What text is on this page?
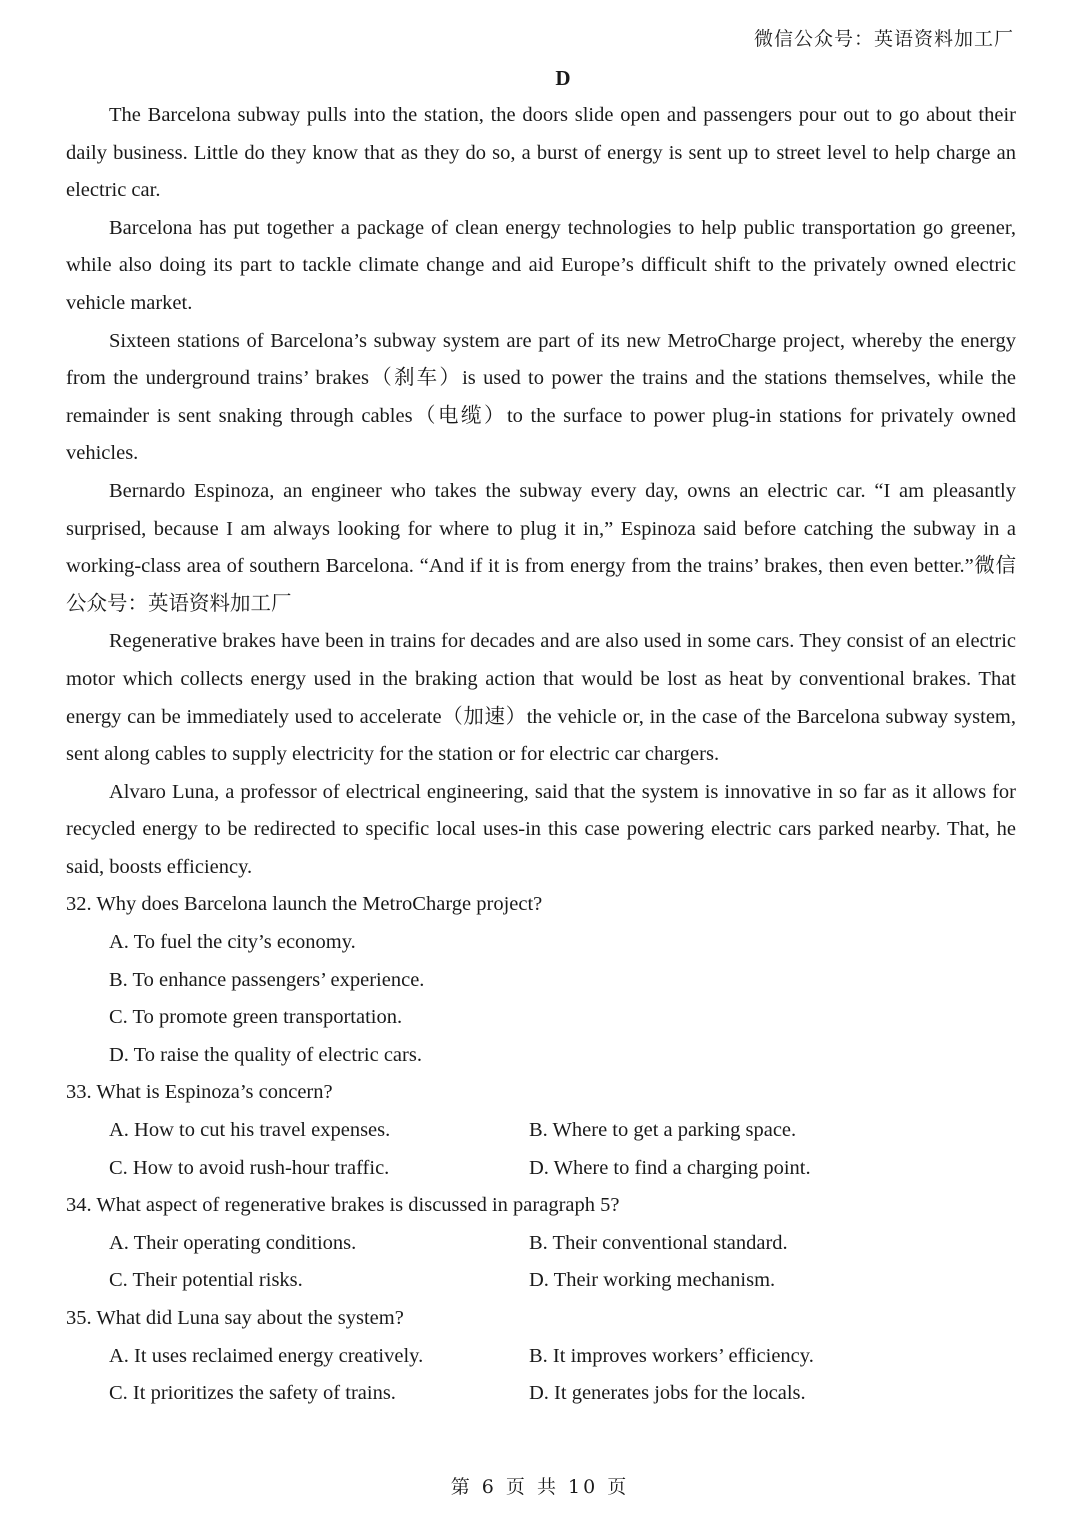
微信公众号：英语资料加工厂
D

The Barcelona subway pulls into the station, the doors slide open and passengers pour out to go about their daily business. Little do they know that as they do so, a burst of energy is sent up to street level to help charge an electric car.

Barcelona has put together a package of clean energy technologies to help public transportation go greener, while also doing its part to tackle climate change and aid Europe’s difficult shift to the privately owned electric vehicle market.

Sixteen stations of Barcelona’s subway system are part of its new MetroCharge project, whereby the energy from the underground trains’ brakes（刹车）is used to power the trains and the stations themselves, while the remainder is sent snaking through cables（电缆）to the surface to power plug-in stations for privately owned vehicles.

Bernardo Espinoza, an engineer who takes the subway every day, owns an electric car. “I am pleasantly surprised, because I am always looking for where to plug it in,” Espinoza said before catching the subway in a working-class area of southern Barcelona. “And if it is from energy from the trains’ brakes, then even better.”微信公众号：英语资料加工厂

Regenerative brakes have been in trains for decades and are also used in some cars. They consist of an electric motor which collects energy used in the braking action that would be lost as heat by conventional brakes. That energy can be immediately used to accelerate（加速）the vehicle or, in the case of the Barcelona subway system, sent along cables to supply electricity for the station or for electric car chargers.

Alvaro Luna, a professor of electrical engineering, said that the system is innovative in so far as it allows for recycled energy to be redirected to specific local uses-in this case powering electric cars parked nearby. That, he said, boosts efficiency.

32. Why does Barcelona launch the MetroCharge project?

A. To fuel the city’s economy.
B. To enhance passengers’ experience.
C. To promote green transportation.
D. To raise the quality of electric cars.

33. What is Espinoza’s concern?

A. How to cut his travel expenses.	B. Where to get a parking space.
C. How to avoid rush-hour traffic.	D. Where to find a charging point.

34. What aspect of regenerative brakes is discussed in paragraph 5?

A. Their operating conditions.	B. Their conventional standard.
C. Their potential risks.	D. Their working mechanism.

35. What did Luna say about the system?

A. It uses reclaimed energy creatively.	B. It improves workers’ efficiency.
C. It prioritizes the safety of trains.	D. It generates jobs for the locals.
第 6 页 共 10 页
